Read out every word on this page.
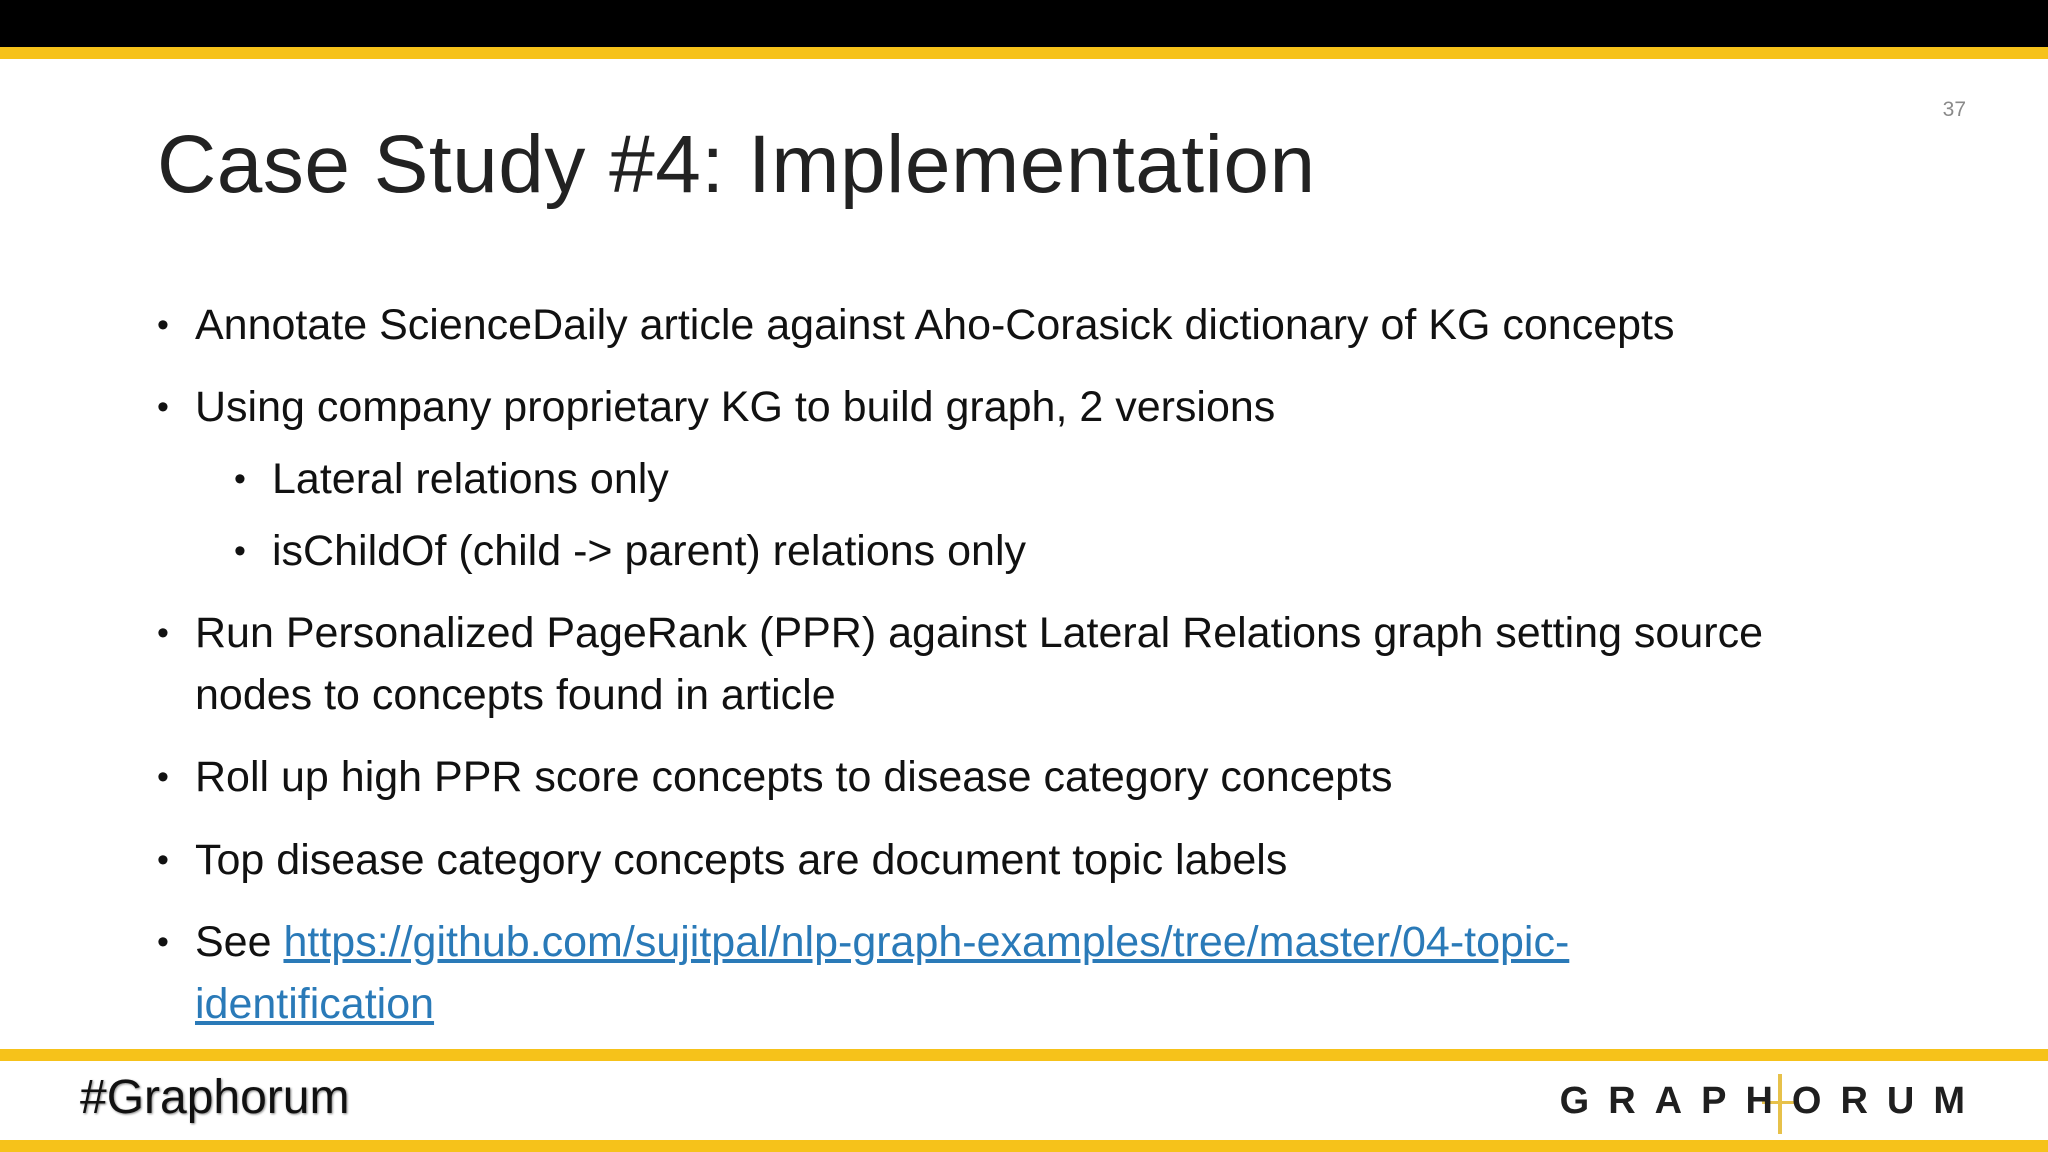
37
Case Study #4: Implementation
• Annotate ScienceDaily article against Aho-Corasick dictionary of KG concepts
• Using company proprietary KG to build graph, 2 versions
• Lateral relations only
• isChildOf (child -> parent) relations only
• Run Personalized PageRank (PPR) against Lateral Relations graph setting source
nodes to concepts found in article
• Roll up high PPR score concepts to disease category concepts
• Top disease category concepts are document topic labels
• See https://github.com/sujitpal/nlp-graph-examples/tree/master/04-topic-
identification
#Graphorum	GRAPHORUM
